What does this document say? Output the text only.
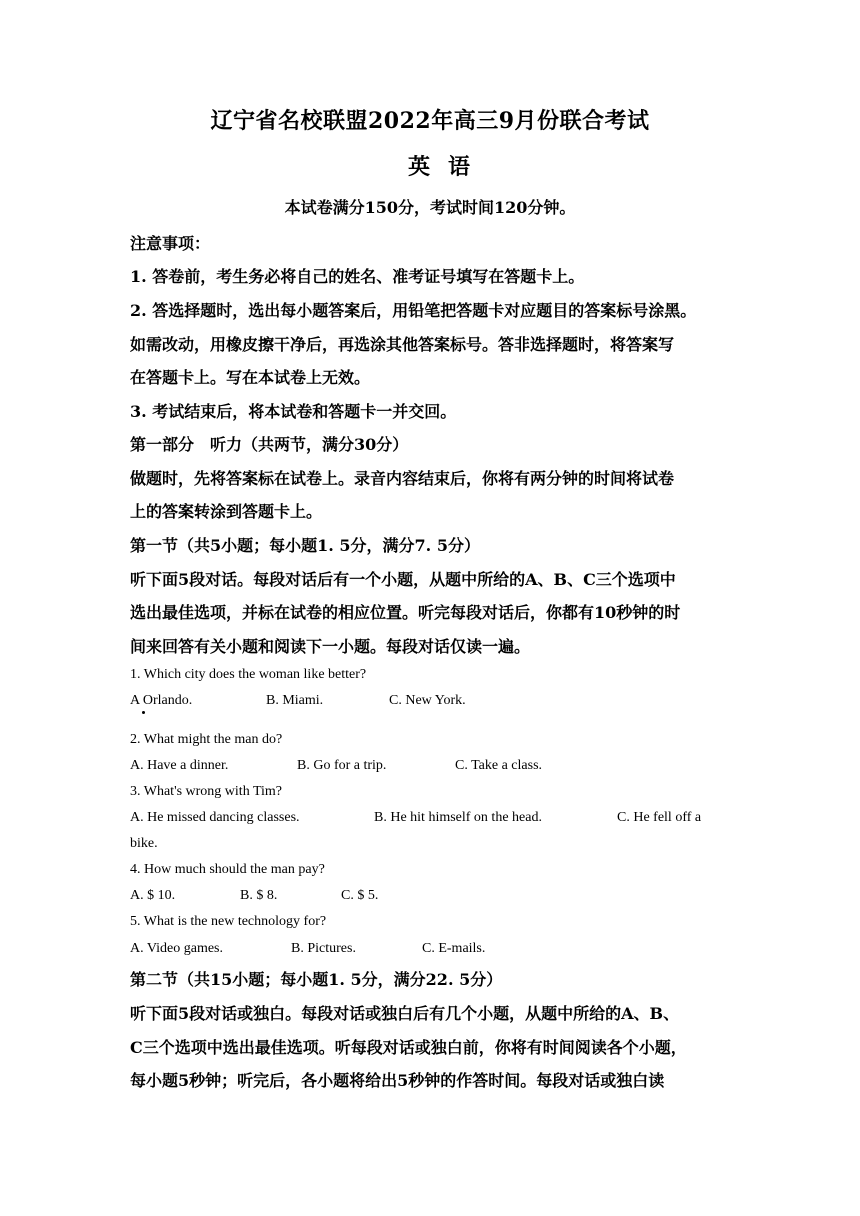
辽宁省名校联盟2022年高三9月份联合考试
英语
本试卷满分150分，考试时间120分钟。
注意事项：
1. 答卷前，考生务必将自己的姓名、准考证号填写在答题卡上。
2. 答选择题时，选出每小题答案后，用铅笔把答题卡对应题目的答案标号涂黑。
如需改动，用橡皮擦干净后，再选涂其他答案标号。答非选择题时，将答案写
在答题卡上。写在本试卷上无效。
3. 考试结束后，将本试卷和答题卡一并交回。
第一部分　听力（共两节，满分30分）
做题时，先将答案标在试卷上。录音内容结束后，你将有两分钟的时间将试卷
上的答案转涂到答题卡上。
第一节（共5小题；每小题1. 5分，满分7. 5分）
听下面5段对话。每段对话后有一个小题，从题中所给的A、B、C三个选项中
选出最佳选项，并标在试卷的相应位置。听完每段对话后，你都有10秒钟的时
间来回答有关小题和阅读下一小题。每段对话仅读一遍。
1. Which city does the woman like better?
A Orlando.	B. Miami.	C. New York.
2. What might the man do?
A. Have a dinner.	B. Go for a trip.	C. Take a class.
3. What's wrong with Tim?
A. He missed dancing classes.	B. He hit himself on the head.	C. He fell off a
bike.
4. How much should the man pay?
A. $ 10.	B. $ 8.	C. $ 5.
5. What is the new technology for?
A. Video games.	B. Pictures.	C. E-mails.
第二节（共15小题；每小题1. 5分，满分22. 5分）
听下面5段对话或独白。每段对话或独白后有几个小题，从题中所给的A、B、
C三个选项中选出最佳选项。听每段对话或独白前，你将有时间阅读各个小题，
每小题5秒钟；听完后，各小题将给出5秒钟的作答时间。每段对话或独白读
